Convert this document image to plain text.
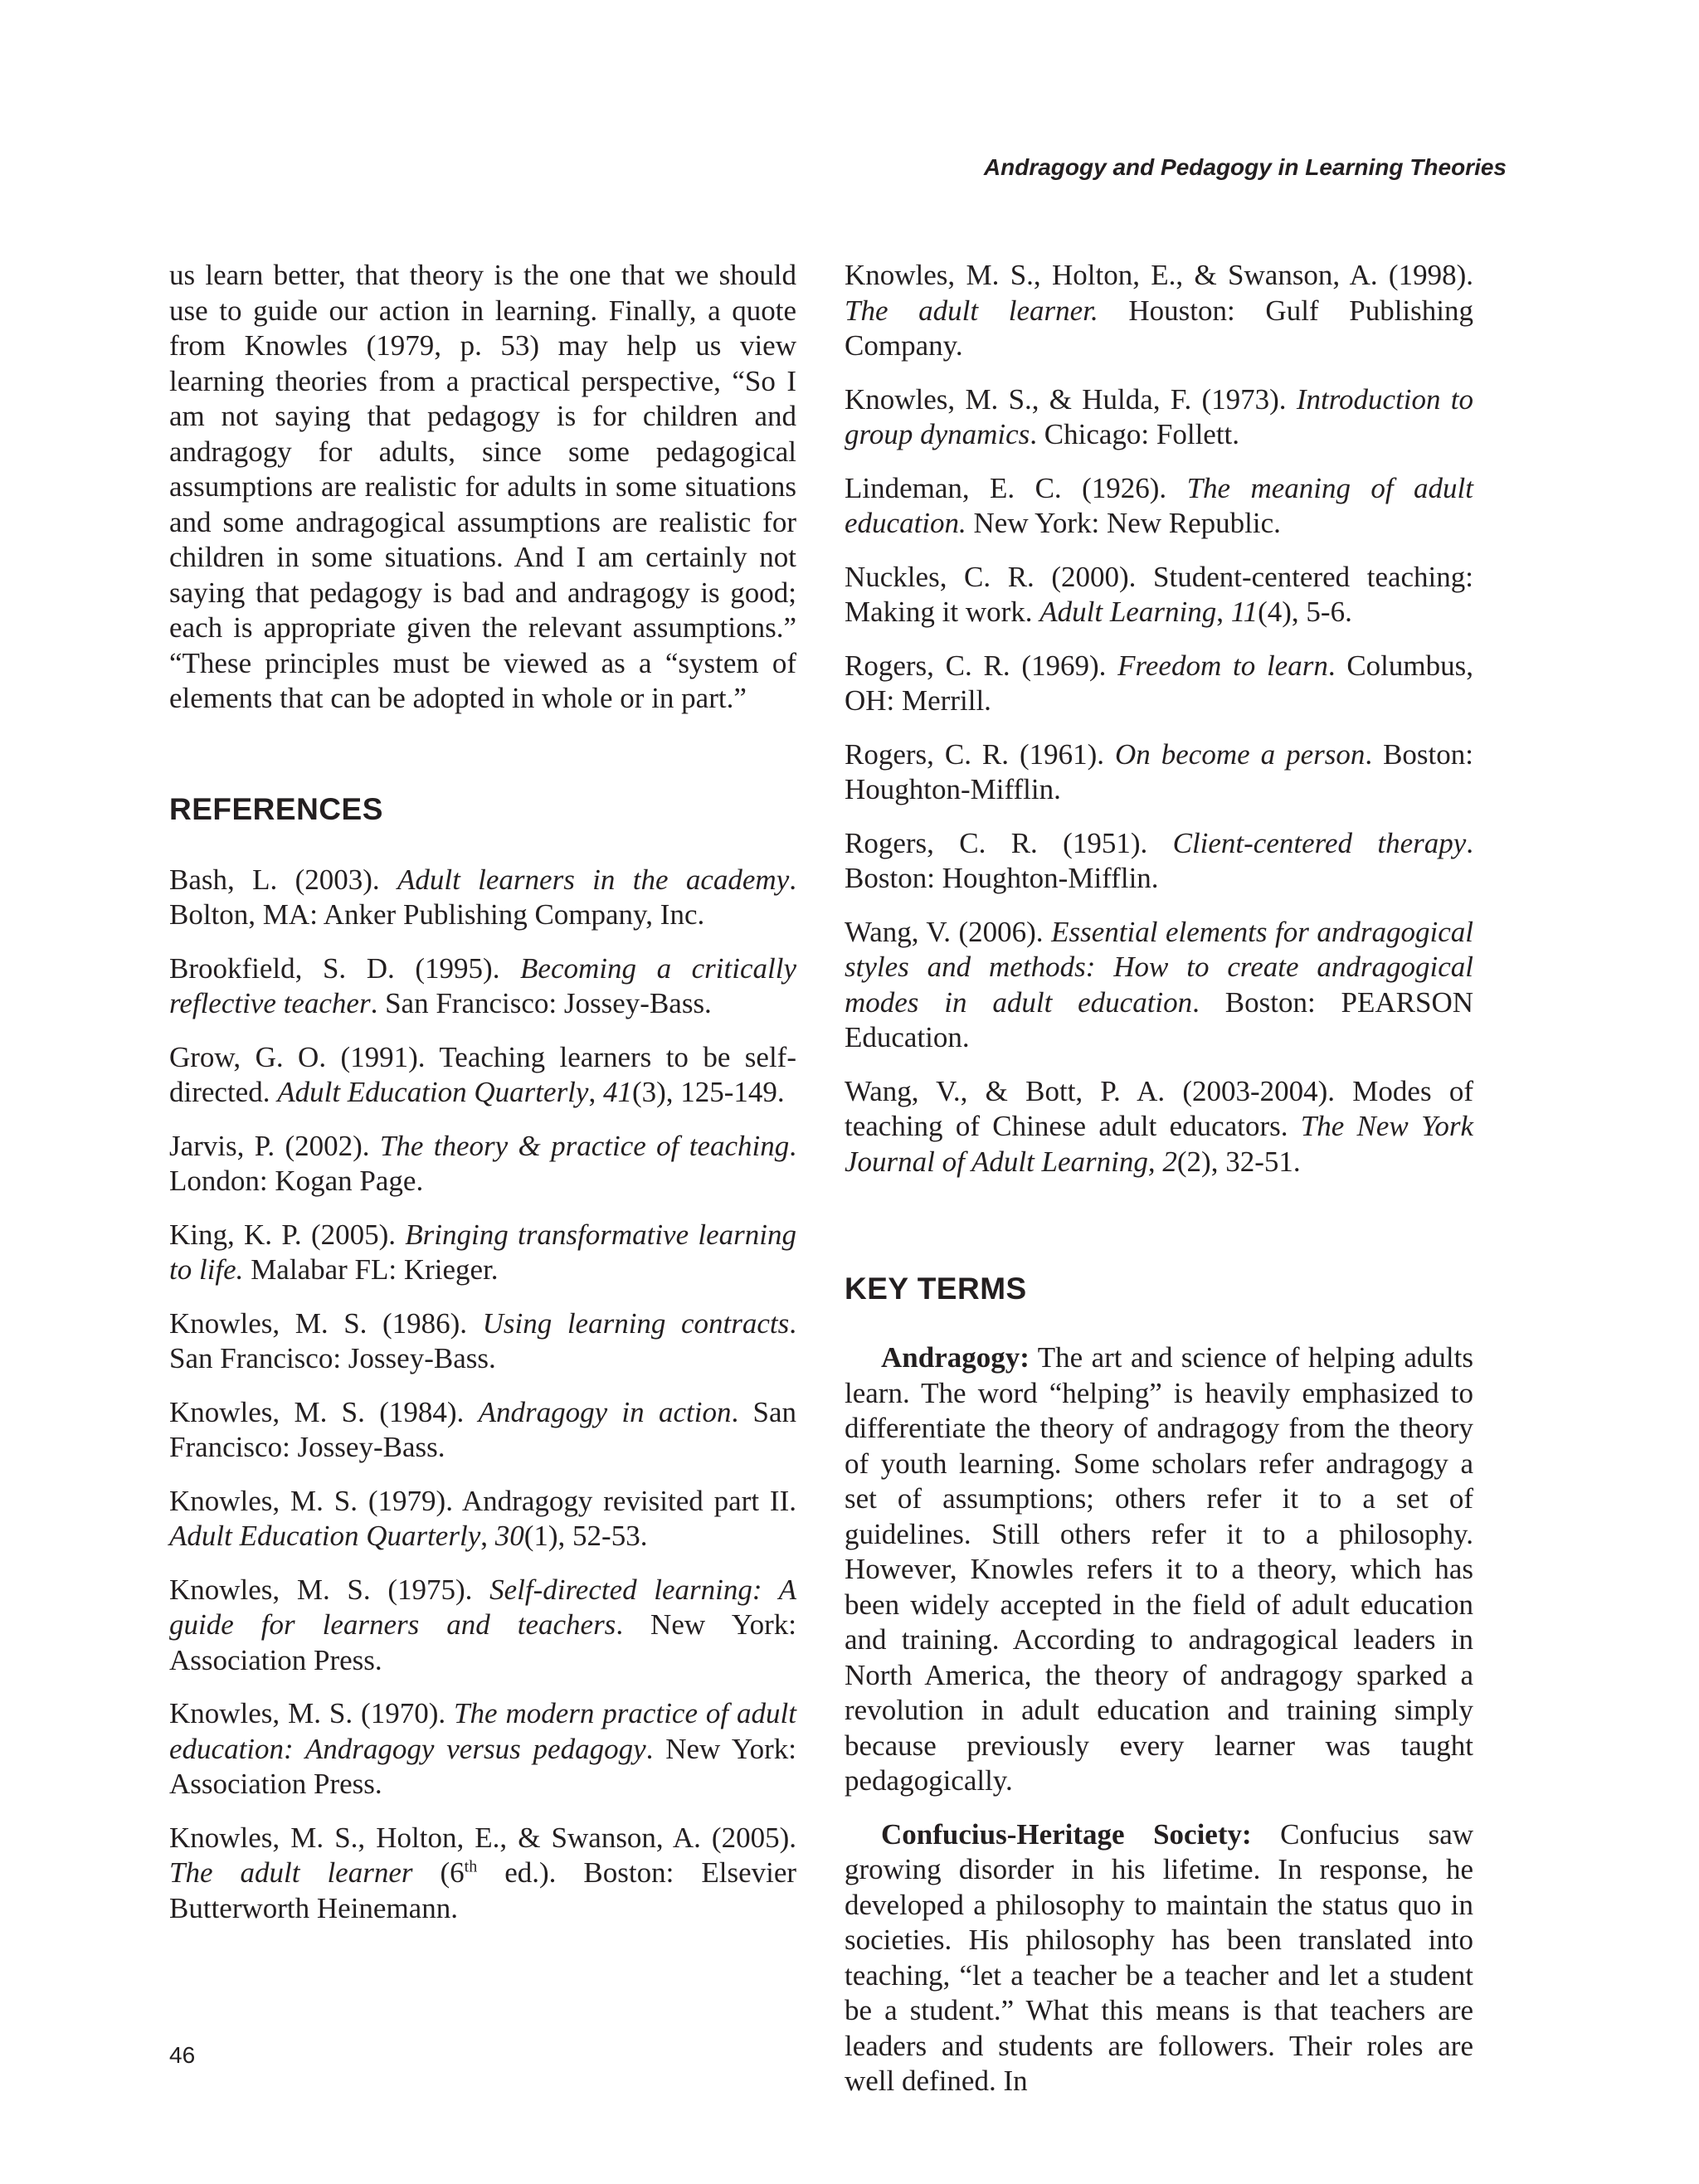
Andragogy and Pedagogy in Learning Theories

us learn better, that theory is the one that we should use to guide our action in learning. Finally, a quote from Knowles (1979, p. 53) may help us view learning theories from a practical perspective, “So I am not saying that pedagogy is for children and andragogy for adults, since some pedagogical assumptions are realistic for adults in some situations and some andragogical assumptions are realistic for children in some situations. And I am certainly not saying that pedagogy is bad and andragogy is good; each is appropriate given the relevant assumptions.” “These principles must be viewed as a “system of elements that can be adopted in whole or in part.”

REFERENCES

Bash, L. (2003). Adult learners in the academy. Bolton, MA: Anker Publishing Company, Inc.

Brookfield, S. D. (1995). Becoming a critically reflective teacher. San Francisco: Jossey-Bass.

Grow, G. O. (1991). Teaching learners to be self-directed. Adult Education Quarterly, 41(3), 125-149.

Jarvis, P. (2002). The theory & practice of teaching. London: Kogan Page.

King, K. P. (2005). Bringing transformative learning to life. Malabar FL: Krieger.

Knowles, M. S. (1986). Using learning contracts. San Francisco: Jossey-Bass.

Knowles, M. S. (1984). Andragogy in action. San Francisco: Jossey-Bass.

Knowles, M. S. (1979). Andragogy revisited part II. Adult Education Quarterly, 30(1), 52-53.

Knowles, M. S. (1975). Self-directed learning: A guide for learners and teachers. New York: Association Press.

Knowles, M. S. (1970). The modern practice of adult education: Andragogy versus pedagogy. New York: Association Press.

Knowles, M. S., Holton, E., & Swanson, A. (2005). The adult learner (6th ed.). Boston: Elsevier Butterworth Heinemann.

Knowles, M. S., Holton, E., & Swanson, A. (1998). The adult learner. Houston: Gulf Publishing Company.

Knowles, M. S., & Hulda, F. (1973). Introduction to group dynamics. Chicago: Follett.

Lindeman, E. C. (1926). The meaning of adult education. New York: New Republic.

Nuckles, C. R. (2000). Student-centered teaching: Making it work. Adult Learning, 11(4), 5-6.

Rogers, C. R. (1969). Freedom to learn. Columbus, OH: Merrill.

Rogers, C. R. (1961). On become a person. Boston: Houghton-Mifflin.

Rogers, C. R. (1951). Client-centered therapy. Boston: Houghton-Mifflin.

Wang, V. (2006). Essential elements for andragogical styles and methods: How to create andragogical modes in adult education. Boston: PEARSON Education.

Wang, V., & Bott, P. A. (2003-2004). Modes of teaching of Chinese adult educators. The New York Journal of Adult Learning, 2(2), 32-51.

KEY TERMS

Andragogy: The art and science of helping adults learn. The word “helping” is heavily emphasized to differentiate the theory of andragogy from the theory of youth learning. Some scholars refer andragogy a set of assumptions; others refer it to a set of guidelines. Still others refer it to a philosophy. However, Knowles refers it to a theory, which has been widely accepted in the field of adult education and training. According to andragogical leaders in North America, the theory of andragogy sparked a revolution in adult education and training simply because previously every learner was taught pedagogically.

Confucius-Heritage Society: Confucius saw growing disorder in his lifetime. In response, he developed a philosophy to maintain the status quo in societies. His philosophy has been translated into teaching, “let a teacher be a teacher and let a student be a student.” What this means is that teachers are leaders and students are followers. Their roles are well defined. In

46
